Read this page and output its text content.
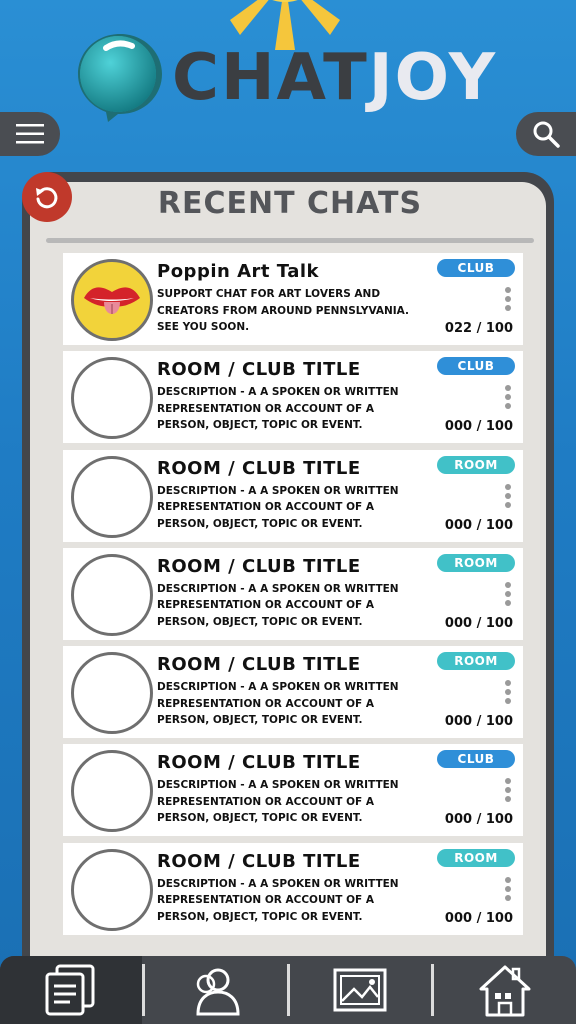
CHATJOY
RECENT CHATS
Poppin Art Talk
SUPPORT CHAT FOR ART LOVERS AND CREATORS FROM AROUND PENNSLYVANIA. SEE YOU SOON.
CLUB
022 / 100
ROOM / CLUB TITLE
DESCRIPTION - A A SPOKEN OR WRITTEN REPRESENTATION OR ACCOUNT OF A PERSON, OBJECT, TOPIC OR EVENT.
CLUB
000 / 100
ROOM / CLUB TITLE
DESCRIPTION - A A SPOKEN OR WRITTEN REPRESENTATION OR ACCOUNT OF A PERSON, OBJECT, TOPIC OR EVENT.
ROOM
000 / 100
ROOM / CLUB TITLE
DESCRIPTION - A A SPOKEN OR WRITTEN REPRESENTATION OR ACCOUNT OF A PERSON, OBJECT, TOPIC OR EVENT.
ROOM
000 / 100
ROOM / CLUB TITLE
DESCRIPTION - A A SPOKEN OR WRITTEN REPRESENTATION OR ACCOUNT OF A PERSON, OBJECT, TOPIC OR EVENT.
ROOM
000 / 100
ROOM / CLUB TITLE
DESCRIPTION - A A SPOKEN OR WRITTEN REPRESENTATION OR ACCOUNT OF A PERSON, OBJECT, TOPIC OR EVENT.
CLUB
000 / 100
ROOM / CLUB TITLE
DESCRIPTION - A A SPOKEN OR WRITTEN REPRESENTATION OR ACCOUNT OF A PERSON, OBJECT, TOPIC OR EVENT.
ROOM
000 / 100
